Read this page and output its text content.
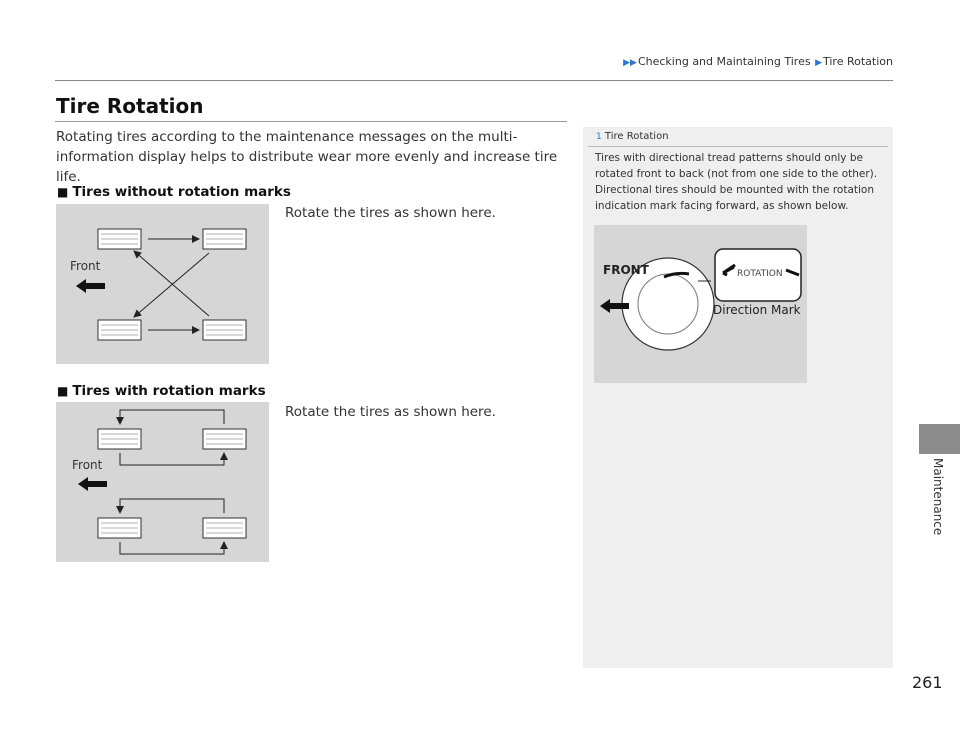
▶▶Checking and Maintaining Tires ▶Tire Rotation
Tire Rotation
Rotating tires according to the maintenance messages on the multi-information display helps to distribute wear more evenly and increase tire life.
■ Tires without rotation marks
Rotate the tires as shown here.
Front
■ Tires with rotation marks
Rotate the tires as shown here.
Front
1 Tire Rotation
Tires with directional tread patterns should only be rotated front to back (not from one side to the other). Directional tires should be mounted with the rotation indication mark facing forward, as shown below.
ROTATION
FRONT
Direction Mark
Maintenance
261
